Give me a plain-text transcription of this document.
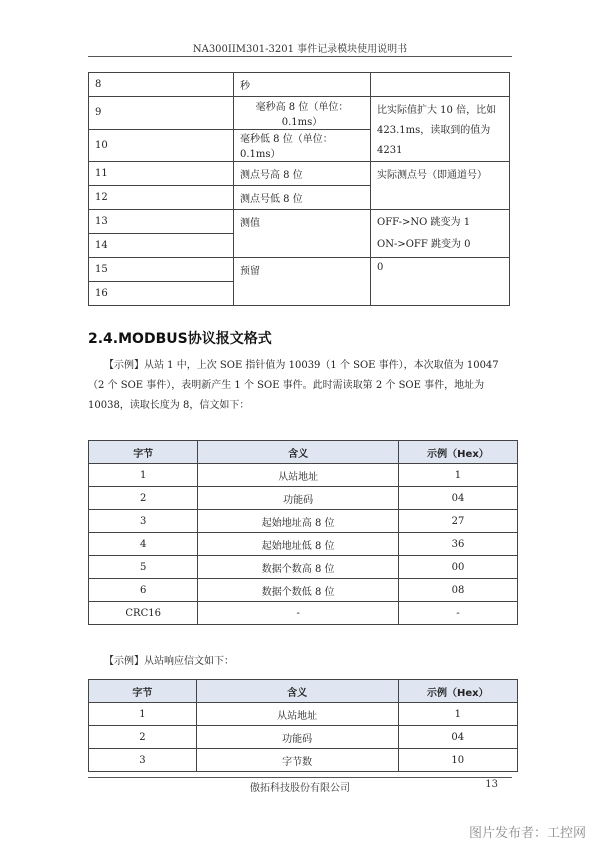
NA300IIM301-3201 事件记录模块使用说明书
8	秒	
9	毫秒高 8 位（单位：0.1ms）	比实际值扩大 10 倍，比如 423.1ms，读取到的值为 4231
10	毫秒低 8 位（单位：0.1ms）	
11	测点号高 8 位	实际测点号（即通道号）
12	测点号低 8 位	
13	测值	OFF->NO 跳变为 1
ON->OFF 跳变为 0

14		
15	预留	0
16		
2.4.MODBUS协议报文格式
【示例】从站 1 中，上次 SOE 指针值为 10039（1 个 SOE 事件），本次取值为 10047（2 个 SOE 事件），表明新产生 1 个 SOE 事件。此时需读取第 2 个 SOE 事件，地址为 10038，读取长度为 8，信文如下：
字节	含义	示例（Hex）
1	从站地址	1
2	功能码	04
3	起始地址高 8 位	27
4	起始地址低 8 位	36
5	数据个数高 8 位	00
6	数据个数低 8 位	08
CRC16	-	-
【示例】从站响应信文如下：
字节	含义	示例（Hex）
1	从站地址	1
2	功能码	04
3	字节数	10
傲拓科技股份有限公司	13
图片发布者：工控网
